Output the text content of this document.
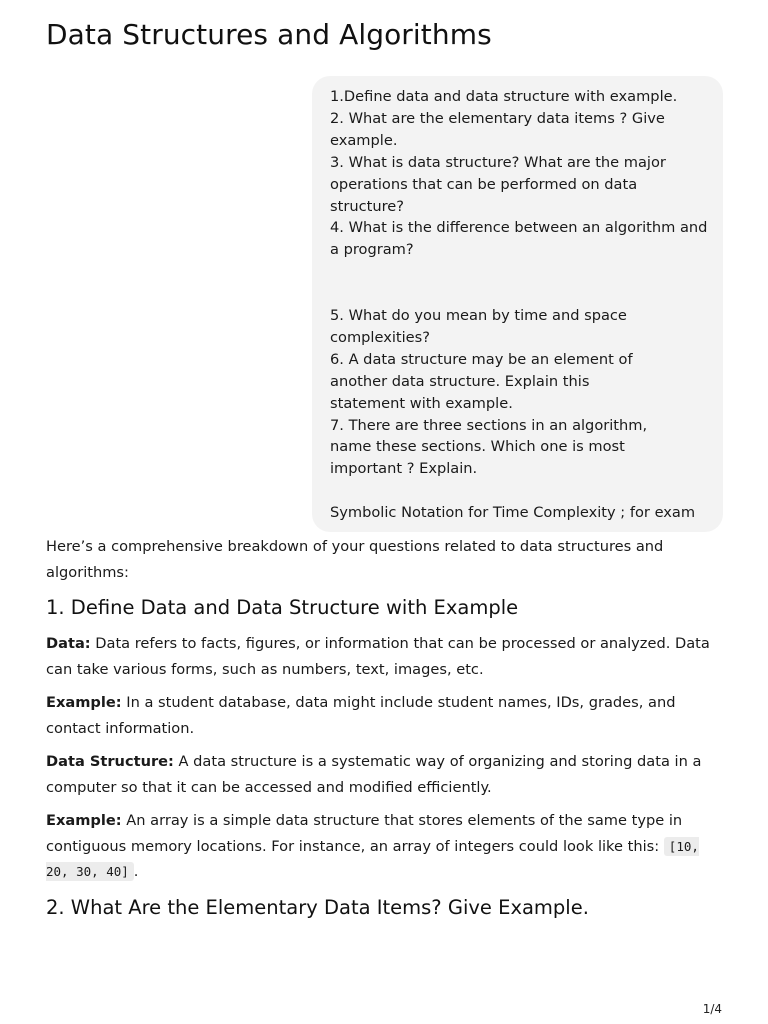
Data Structures and Algorithms
1.Define data and data structure with example.
2. What are the elementary data items ? Give
example.
3. What is data structure? What are the major
operations that can be performed on data
structure?
4. What is the difference between an algorithm and
a program?
5. What do you mean by time and space
complexities?
6. A data structure may be an element of
another data structure. Explain this
statement with example.
7. There are three sections in an algorithm,
name these sections. Which one is most
important ? Explain.
Symbolic Notation for Time Complexity ; for exam

Here’s a comprehensive breakdown of your questions related to data structures and algorithms:

1. Define Data and Data Structure with Example

Data: Data refers to facts, figures, or information that can be processed or analyzed. Data can take various forms, such as numbers, text, images, etc.

Example: In a student database, data might include student names, IDs, grades, and contact information.

Data Structure: A data structure is a systematic way of organizing and storing data in a computer so that it can be accessed and modified efficiently.

Example: An array is a simple data structure that stores elements of the same type in contiguous memory locations. For instance, an array of integers could look like this: [10, 20, 30, 40] .

2. What Are the Elementary Data Items? Give Example.
1/4
